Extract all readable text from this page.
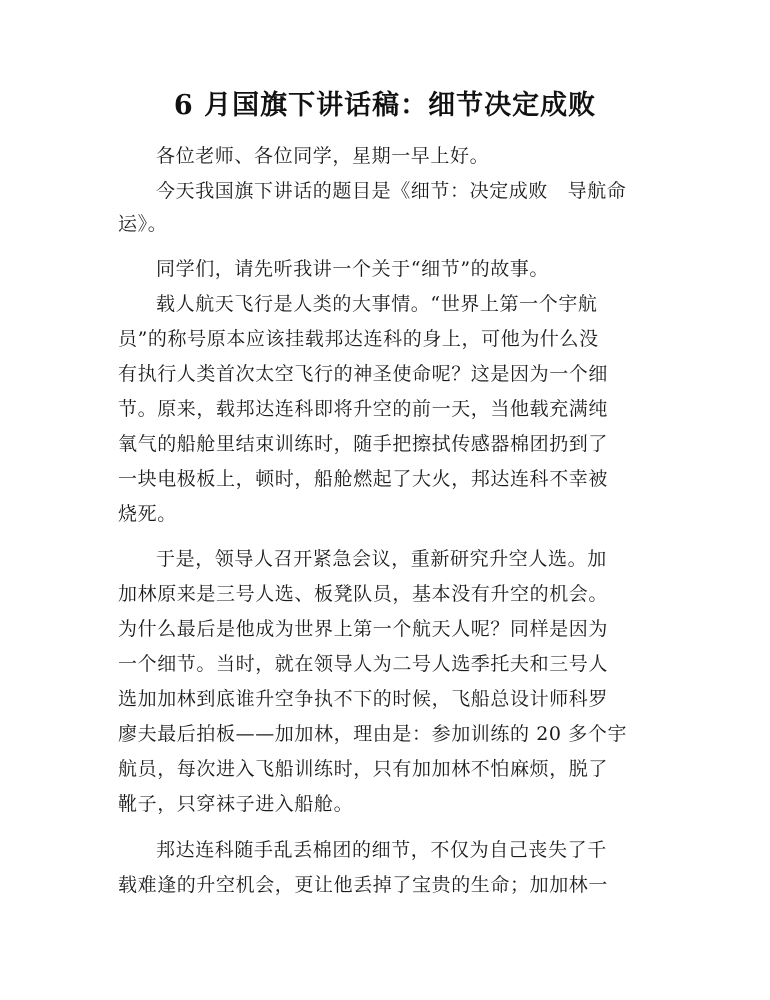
6 月国旗下讲话稿：细节决定成败
各位老师、各位同学，星期一早上好。
今天我国旗下讲话的题目是《细节：决定成败　导航命
运》。
同学们，请先听我讲一个关于“细节”的故事。
载人航天飞行是人类的大事情。“世界上第一个宇航
员”的称号原本应该挂载邦达连科的身上，可他为什么没
有执行人类首次太空飞行的神圣使命呢？这是因为一个细
节。原来，载邦达连科即将升空的前一天，当他载充满纯
氧气的船舱里结束训练时，随手把擦拭传感器棉团扔到了
一块电极板上，顿时，船舱燃起了大火，邦达连科不幸被
烧死。
于是，领导人召开紧急会议，重新研究升空人选。加
加林原来是三号人选、板凳队员，基本没有升空的机会。
为什么最后是他成为世界上第一个航天人呢？同样是因为
一个细节。当时，就在领导人为二号人选季托夫和三号人
选加加林到底谁升空争执不下的时候，飞船总设计师科罗
廖夫最后拍板——加加林，理由是：参加训练的 20 多个宇
航员，每次进入飞船训练时，只有加加林不怕麻烦，脱了
靴子，只穿袜子进入船舱。
邦达连科随手乱丢棉团的细节，不仅为自己丧失了千
载难逢的升空机会，更让他丢掉了宝贵的生命；加加林一
